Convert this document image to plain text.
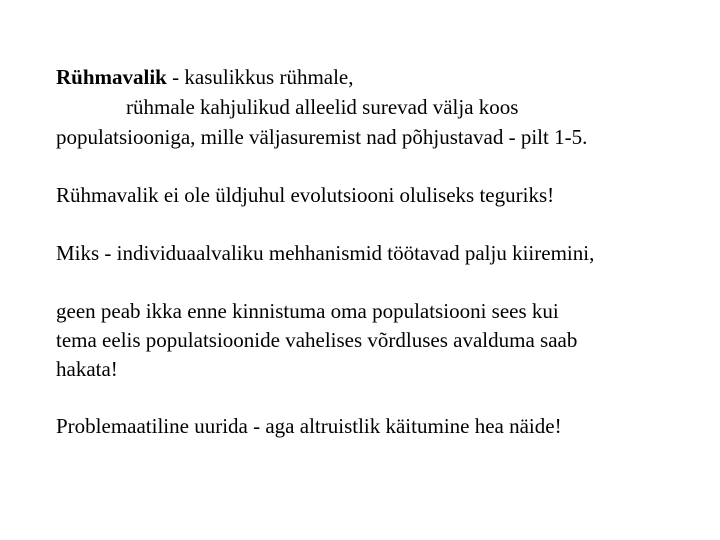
Rühmavalik - kasulikkus rühmale,
rühmale kahjulikud alleelid surevad välja koos
populatsiooniga, mille väljasuremist nad põhjustavad - pilt 1-5.
Rühmavalik ei ole üldjuhul evolutsiooni oluliseks teguriks!
Miks - individuaalvaliku mehhanismid töötavad palju kiiremini,
geen peab ikka enne kinnistuma oma populatsiooni sees kui
tema eelis populatsioonide vahelises võrdluses avalduma saab
hakata!
Problemaatiline uurida - aga altruistlik käitumine hea näide!
